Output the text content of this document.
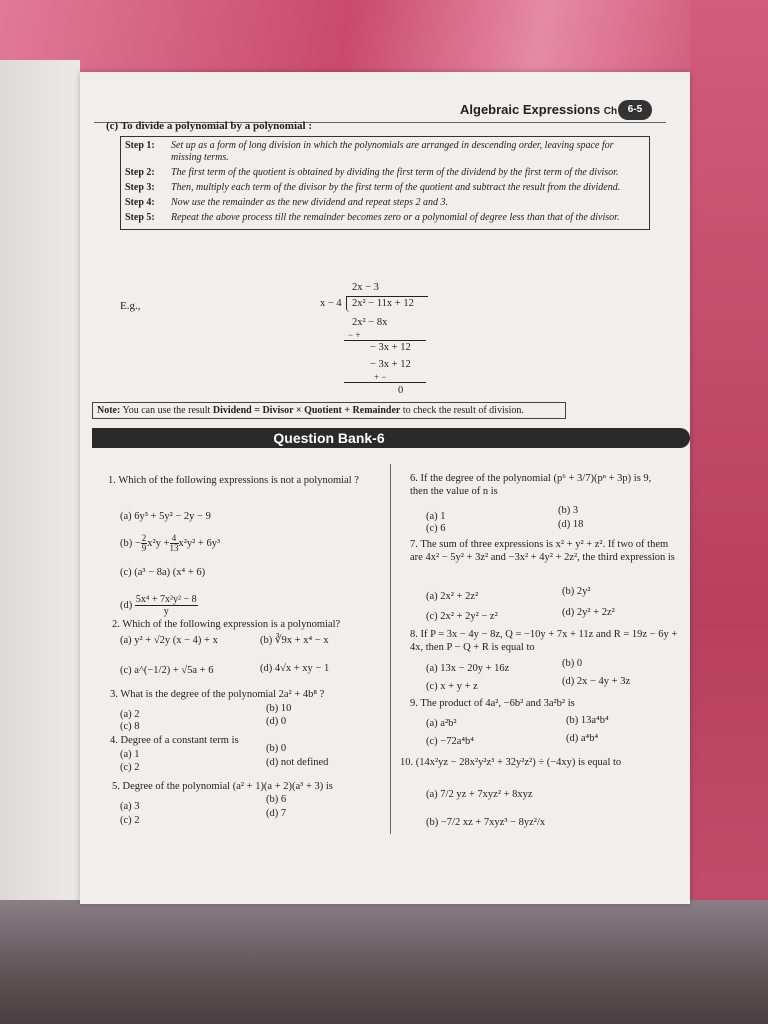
Algebraic Expressions Ch	6-5
(c) To divide a polynomial by a polynomial :
Step 1:	Set up as a form of long division in which the polynomials are arranged in descending order, leaving space for missing terms.
Step 2:	The first term of the quotient is obtained by dividing the first term of the dividend by the first term of the divisor.
Step 3:	Then, multiply each term of the divisor by the first term of the quotient and subtract the result from the dividend.
Step 4:	Now use the remainder as the new dividend and repeat steps 2 and 3.
Step 5:	Repeat the above process till the remainder becomes zero or a polynomial of degree less than that of the divisor.
E.g.,
2x − 3
x − 4 2x² − 11x + 12
2x² − 8x
− +
− 3x + 12
− 3x + 12
+ −
0
Note: You can use the result Dividend = Divisor × Quotient + Remainder to check the result of division.
Question Bank-6
1. Which of the following expressions is not a polynomial ?
(a) 6y³ + 5y² − 2y − 9
$(b) - \frac{2}{9} x^2y + \frac{4}{13} x^2y^2 + 6y^3$
(c) (a³ − 8a) (x⁴ + 6)
$(d) \frac{\text{5x⁴ + 7x²y² − 8}}{y}$
2. Which of the following expression is a polynomial?
(a) y² + √2y (x − 4) + x	(b) ∛9x + x⁴ − x
(c) a^(−1/2) + √5a + 6	(d) 4√x + xy − 1
3. What is the degree of the polynomial 2a² + 4b⁸ ?
(a) 2
(b) 10
(c) 8	(d) 0
4. Degree of a constant term is
(a) 1
(b) 0
(c) 2	(d) not defined
5. Degree of the polynomial (a² + 1)(a + 2)(a³ + 3) is
(a) 3
(b) 6
(c) 2
(d) 7
6. If the degree of the polynomial (p⁶ + 3/7)(pⁿ + 3p) is 9, then the value of n is
(a) 1
(b) 3
(c) 6	(d) 18
7. The sum of three expressions is x² + y² + z². If two of them are 4x² − 5y² + 3z² and −3x² + 4y² + 2z², the third expression is
(a) 2x² + 2z²	(b) 2y²
(c) 2x² + 2y² − z²	(d) 2y² + 2z²
8. If P = 3x − 4y − 8z, Q = −10y + 7x + 11z and R = 19z − 6y + 4x, then P − Q + R is equal to
(a) 13x − 20y + 16z	(b) 0
(c) x + y + z	(d) 2x − 4y + 3z
9. The product of 4a², −6b² and 3a²b² is
(a) a²b²	(b) 13a⁴b⁴
(c) −72a⁴b⁴	(d) a⁴b⁴
10. (14x²yz − 28x²y²z³ + 32y²z²) ÷ (−4xy) is equal to
(a) 7/2 yz + 7xyz² + 8xyz
(b) −7/2 xz + 7xyz³ − 8yz²/x
